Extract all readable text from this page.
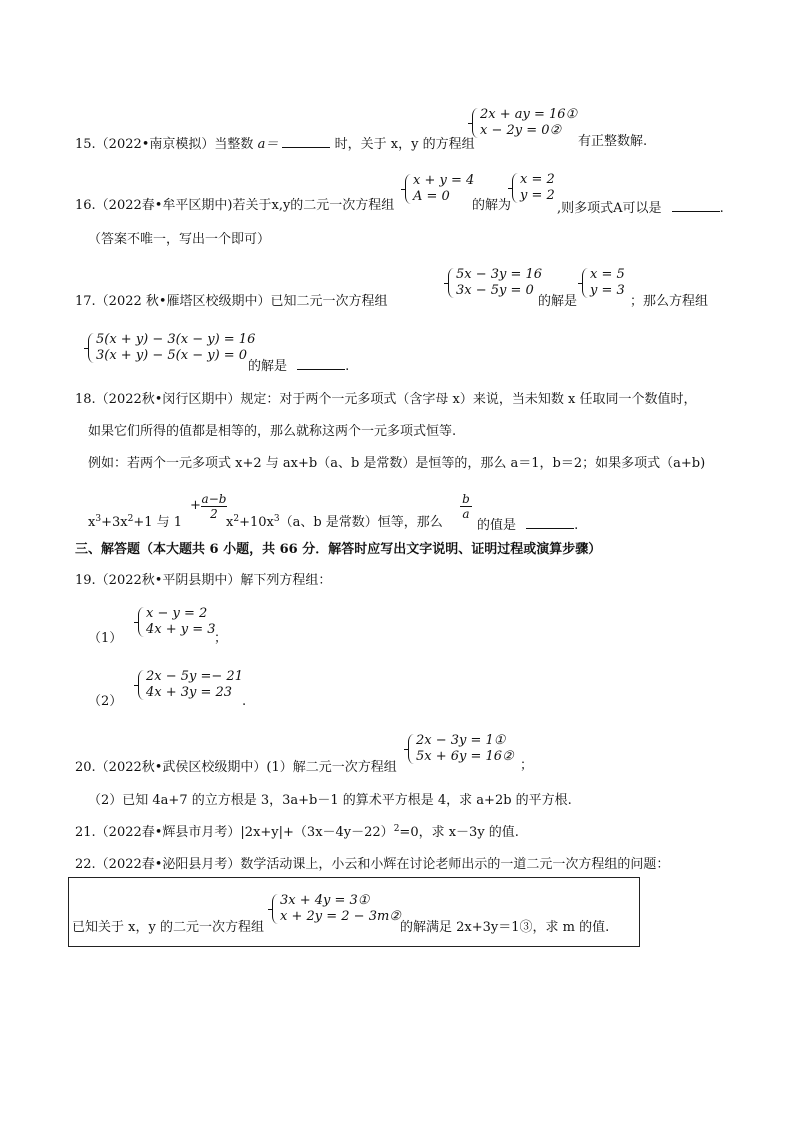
15.（2022•南京模拟）当整数 a＝	时，关于 x，y 的方程组
2x + ay = 16①
x − 2y = 0②
有正整数解.
16.（2022春•牟平区期中)若关于x,y的二元一次方程组
x + y = 4
A = 0
的解为
x = 2
y = 2
,则多项式A可以是	.
（答案不唯一，写出一个即可）
17.（2022 秋•雁塔区校级期中）已知二元一次方程组
5x − 3y = 16
3x − 5y = 0
的解是
x = 5
y = 3
；那么方程组
5(x + y) − 3(x − y) = 16
3(x + y) − 5(x − y) = 0
的解是	.
18.（2022秋•闵行区期中）规定：对于两个一元多项式（含字母 x）来说，当未知数 x 任取同一个数值时，
如果它们所得的值都是相等的，那么就称这两个一元多项式恒等.
例如：若两个一元多项式 x+2 与 ax+b（a、b 是常数）是恒等的，那么 a＝1，b＝2；如果多项式（a+b)
$x^3+3x^2+1$ 与 1
+ a−b
2
$x^2+10x^3(a$、b 是常数）恒等，那么
b
a
的值是	.
三、解答题（本大题共 6 小题，共 66 分．解答时应写出文字说明、证明过程或演算步骤）
19.（2022秋•平阴县期中）解下列方程组：
（1）
x − y = 2
4x + y = 3
；
（2）
2x − 5y =− 21
4x + 3y = 23
.
20.（2022秋•武侯区校级期中）(1）解二元一次方程组
2x − 3y = 1①
5x + 6y = 16②
；
（2）已知 4a+7 的立方根是 3，3a+b－1 的算术平方根是 4，求 a+2b 的平方根.
21.（2022春•辉县市月考）$|2x+y|+(3x-4y-22)^2=0$，求 x－3y 的值.
22.（2022春•泌阳县月考）数学活动课上，小云和小辉在讨论老师出示的一道二元一次方程组的问题：
已知关于 x，y 的二元一次方程组
3x + 4y = 3①
x + 2y = 2 − 3m②
的解满足 2x+3y＝1③，求 m 的值.
